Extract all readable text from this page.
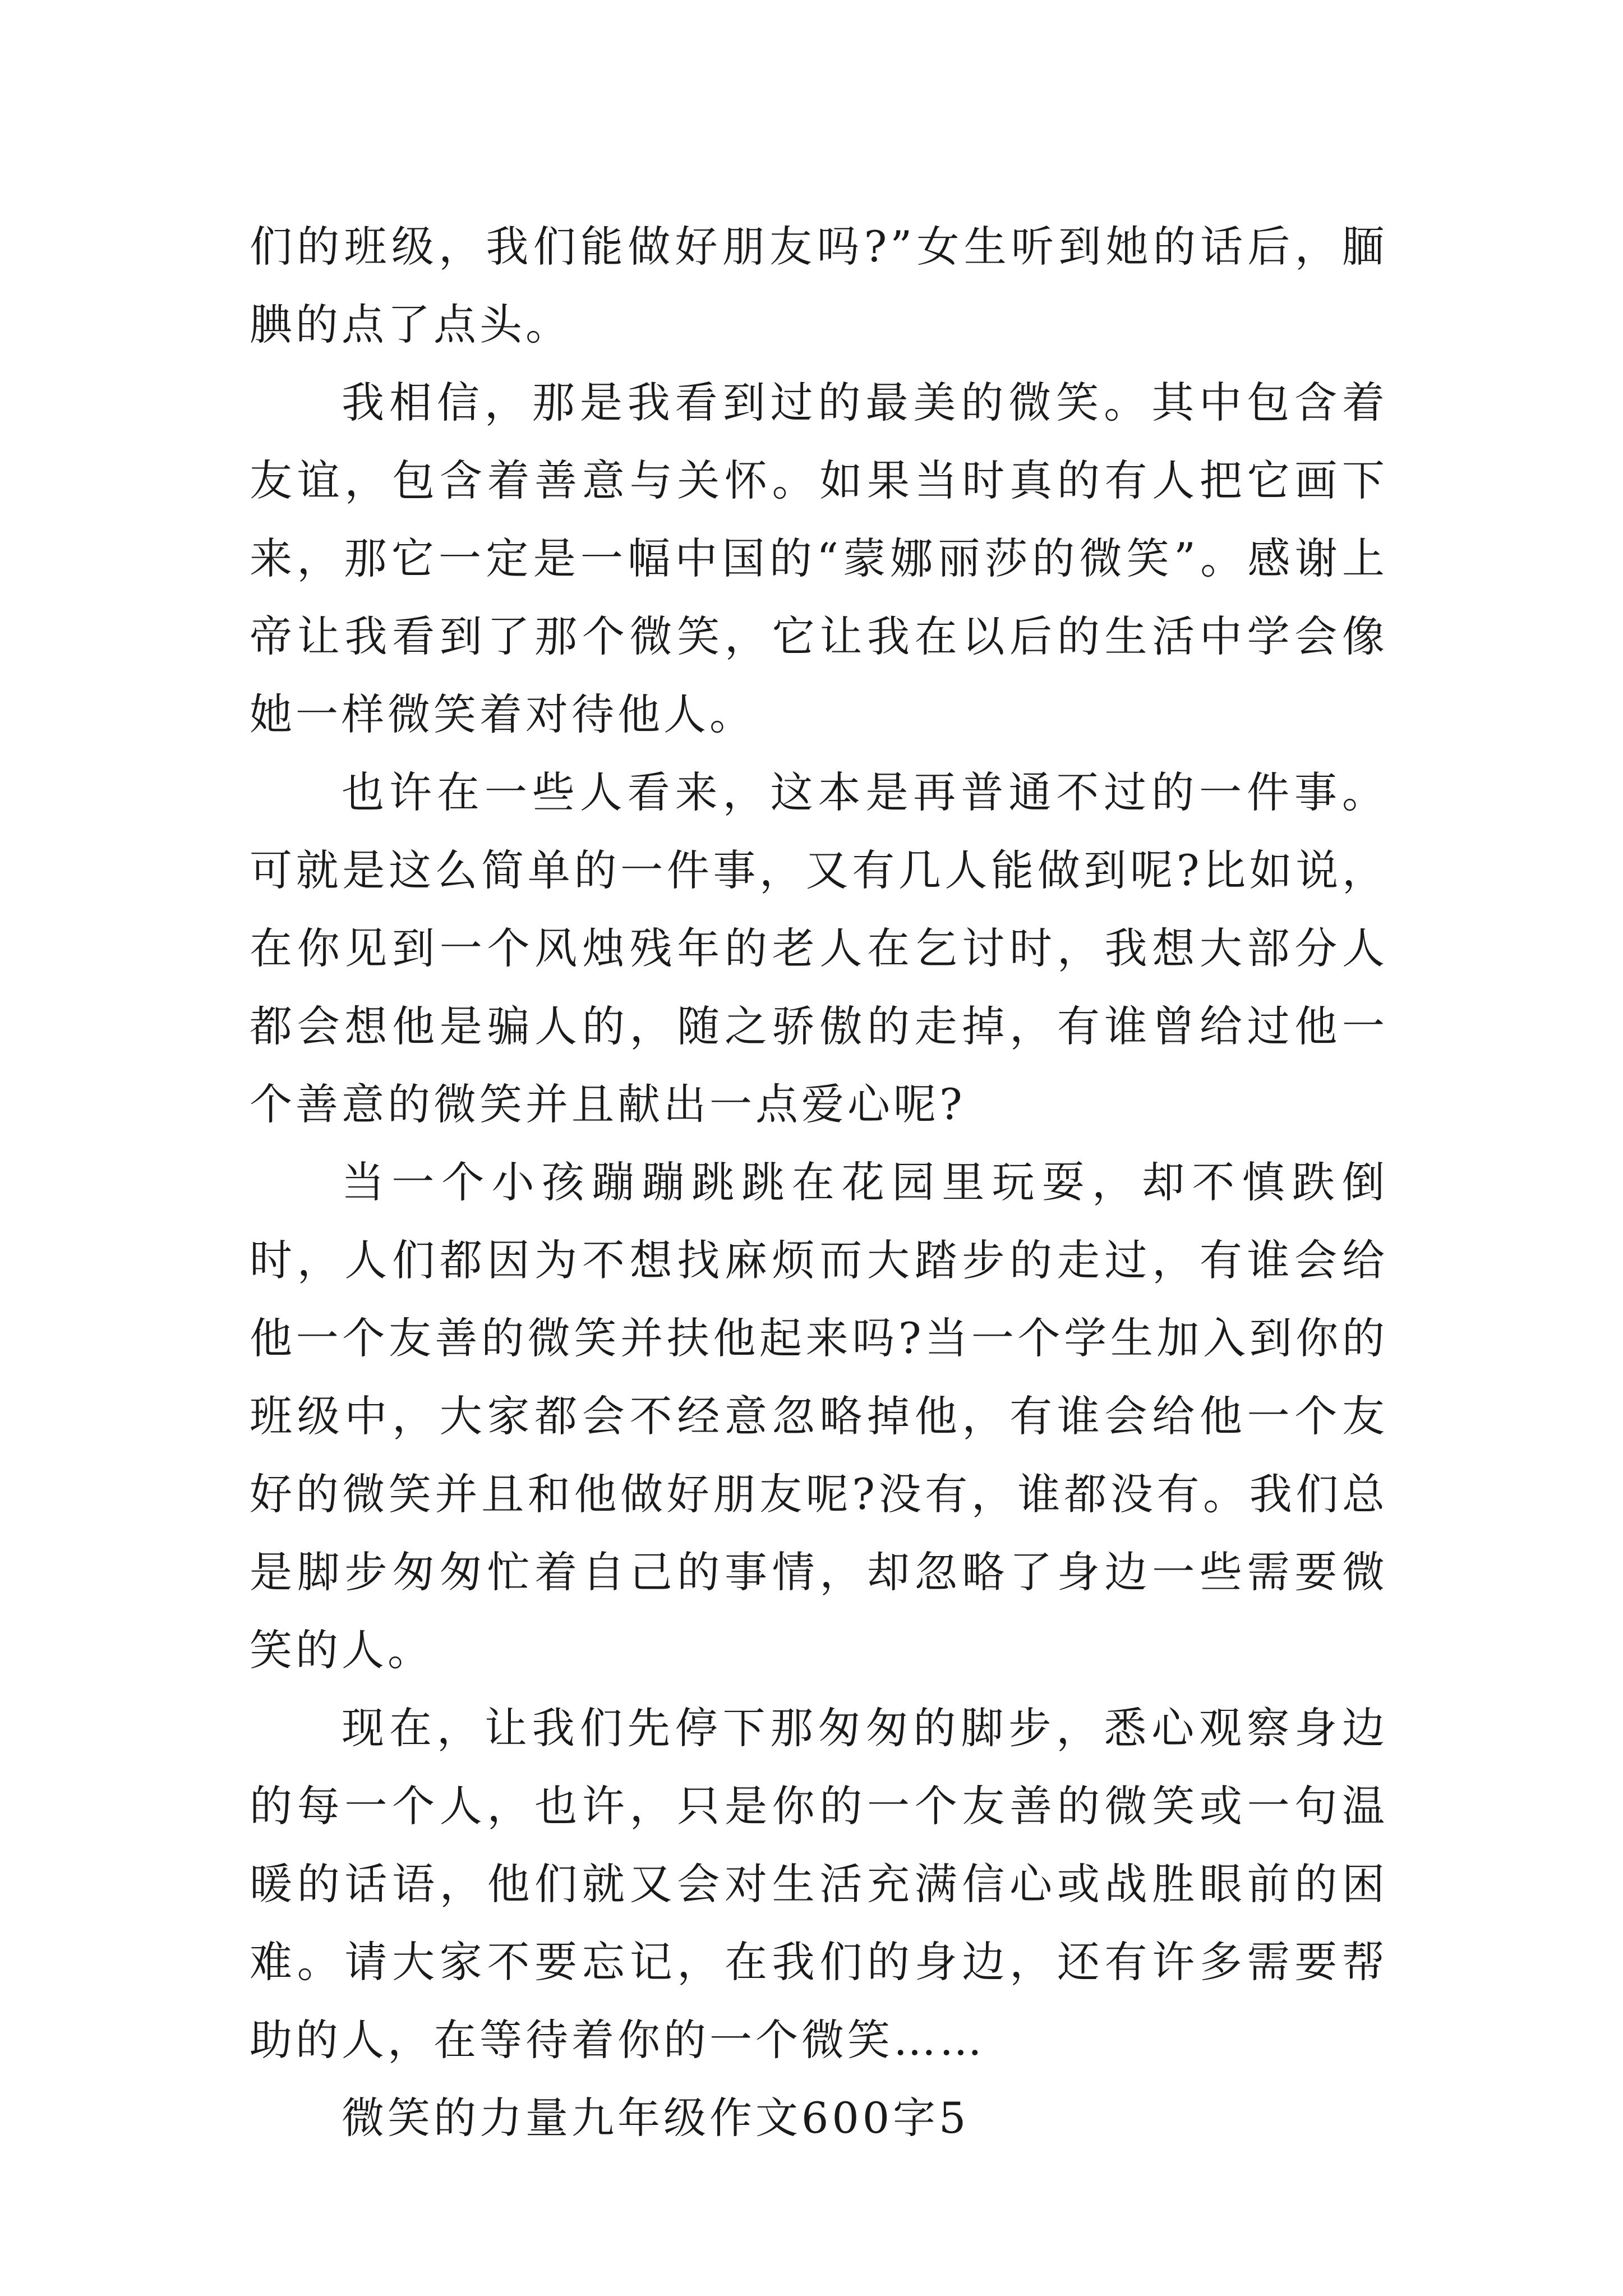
们的班级，我们能做好朋友吗?”女生听到她的话后，腼腆的点了点头。

我相信，那是我看到过的最美的微笑。其中包含着友谊，包含着善意与关怀。如果当时真的有人把它画下来，那它一定是一幅中国的“蒙娜丽莎的微笑”。感谢上帝让我看到了那个微笑，它让我在以后的生活中学会像她一样微笑着对待他人。

也许在一些人看来，这本是再普通不过的一件事。可就是这么简单的一件事，又有几人能做到呢?比如说，在你见到一个风烛残年的老人在乞讨时，我想大部分人都会想他是骗人的，随之骄傲的走掉，有谁曾给过他一个善意的微笑并且献出一点爱心呢?

当一个小孩蹦蹦跳跳在花园里玩耍，却不慎跌倒时，人们都因为不想找麻烦而大踏步的走过，有谁会给他一个友善的微笑并扶他起来吗?当一个学生加入到你的班级中，大家都会不经意忽略掉他，有谁会给他一个友好的微笑并且和他做好朋友呢?没有，谁都没有。我们总是脚步匆匆忙着自己的事情，却忽略了身边一些需要微笑的人。

现在，让我们先停下那匆匆的脚步，悉心观察身边的每一个人，也许，只是你的一个友善的微笑或一句温暖的话语，他们就又会对生活充满信心或战胜眼前的困难。请大家不要忘记，在我们的身边，还有许多需要帮助的人，在等待着你的一个微笑……

微笑的力量九年级作文600字5
